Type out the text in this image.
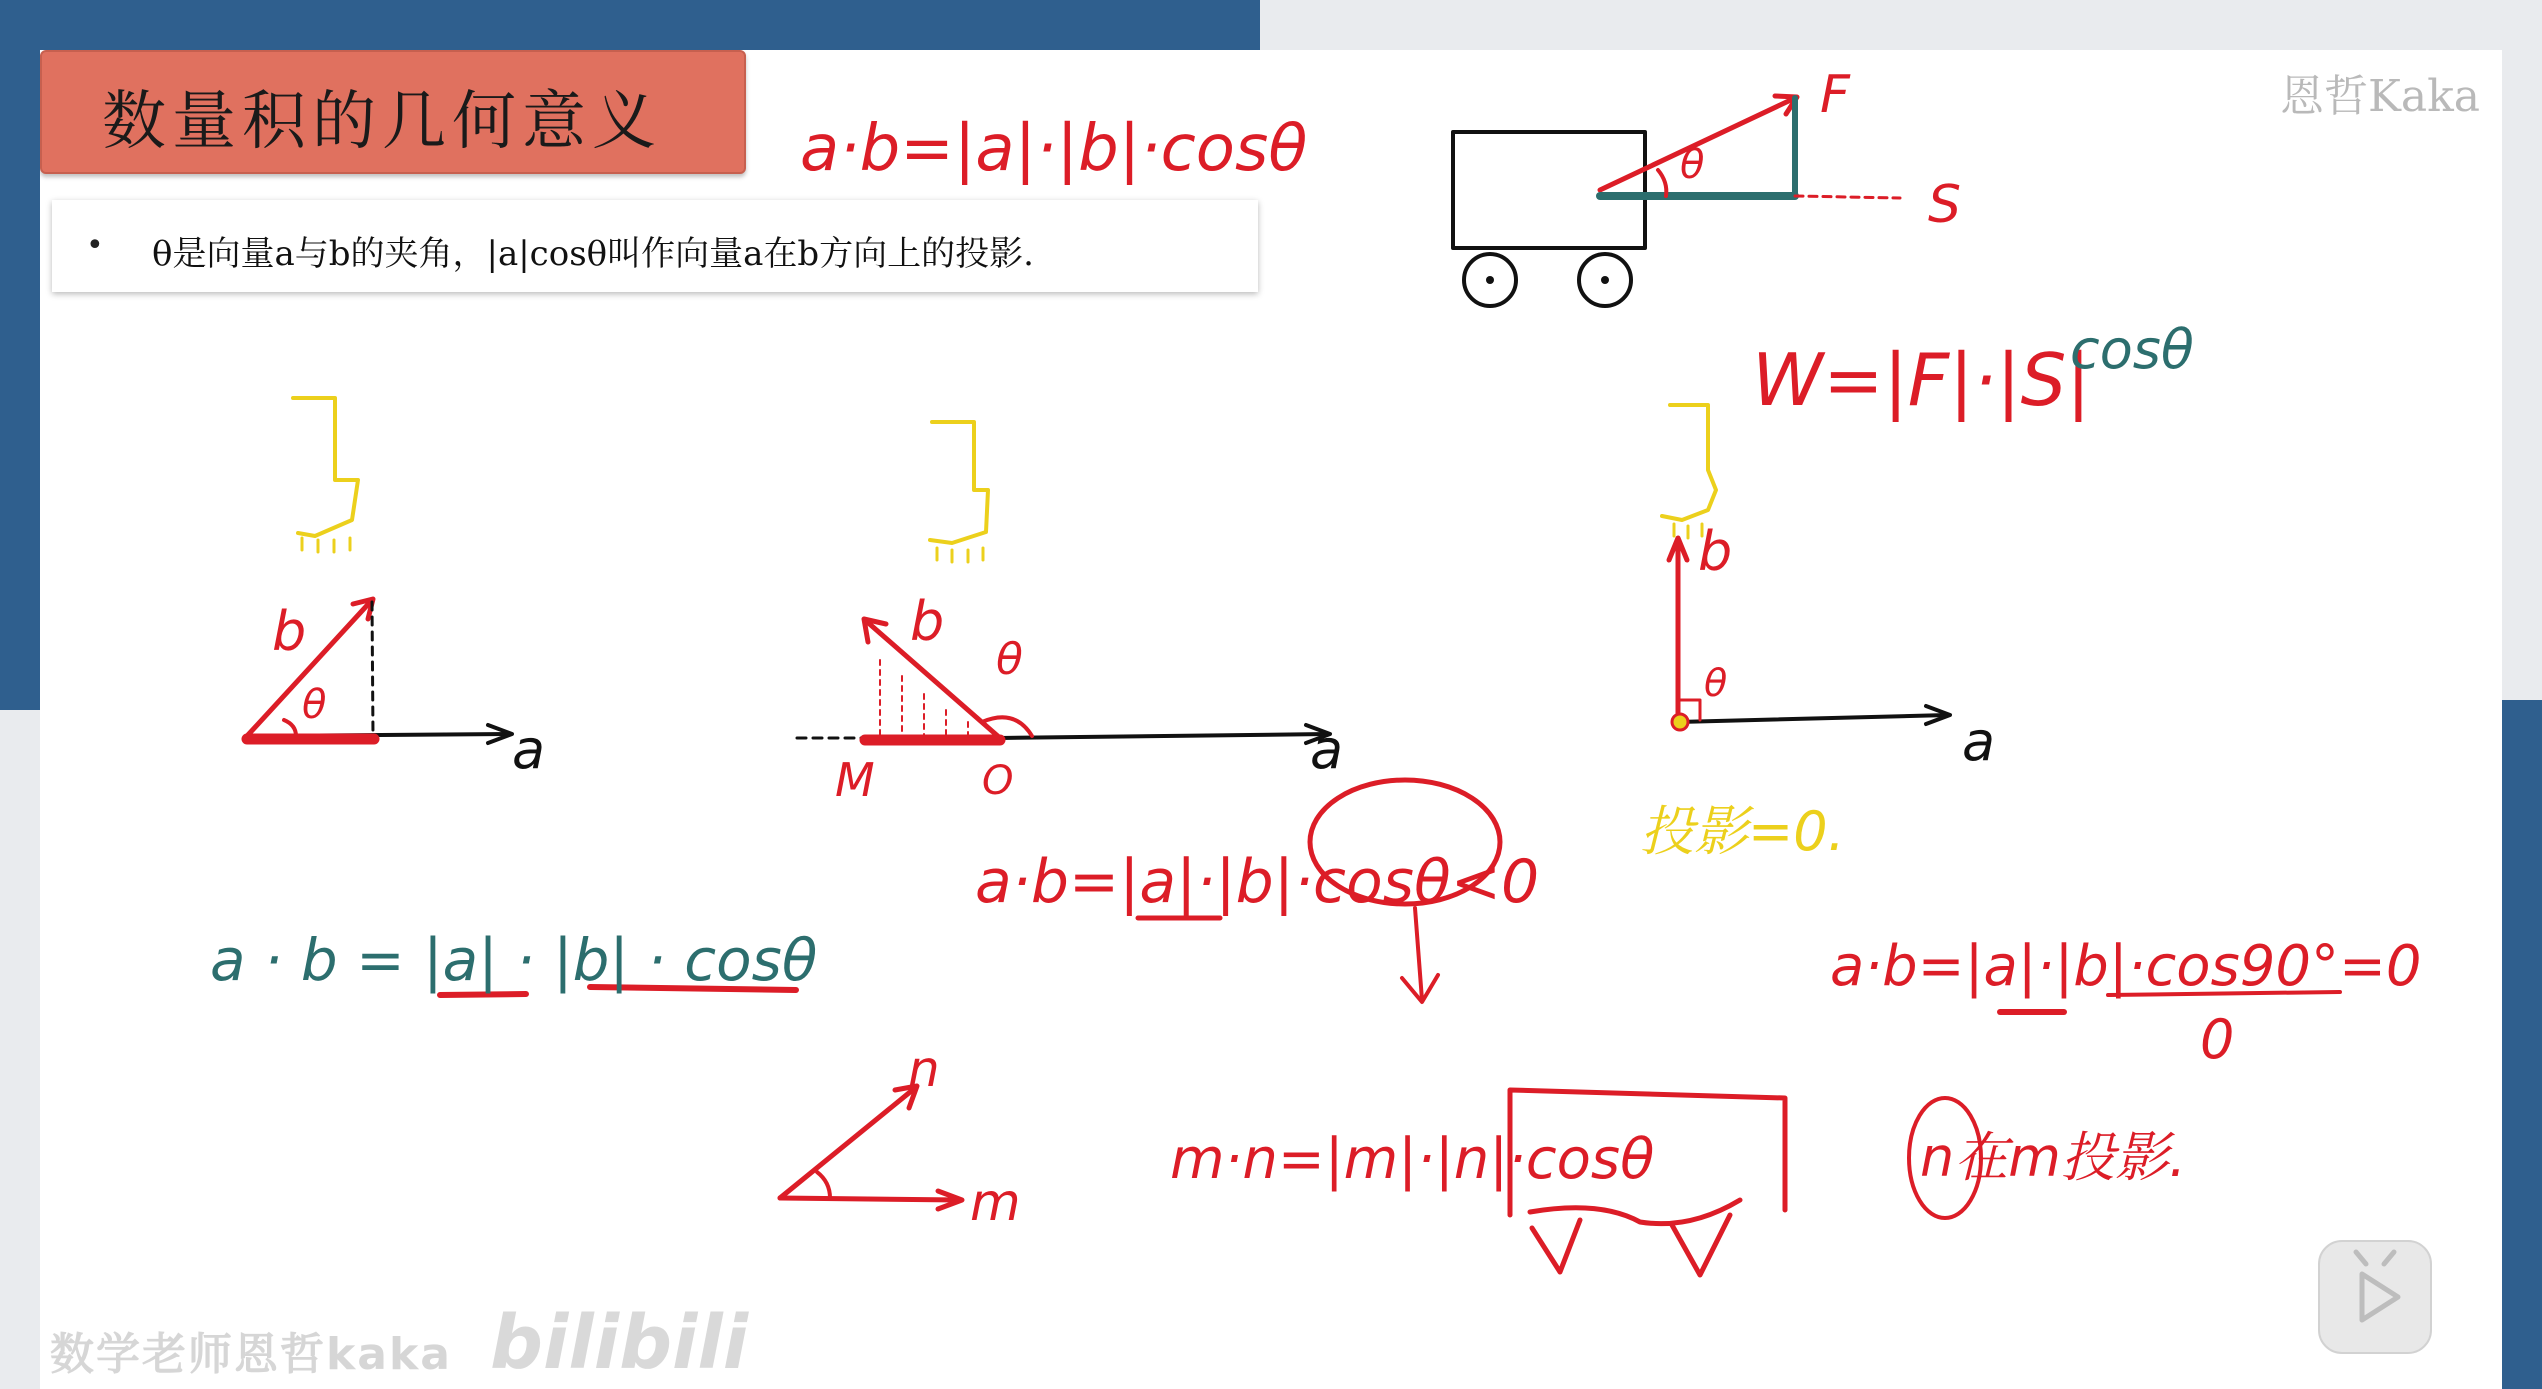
数量积的几何意义	恩哲Kaka
• θ是向量a与b的夹角，|a|cosθ叫作向量a在b方向上的投影.
a·b=|a|·|b|·cosθ
F
S
θ
W=|F|·|S|
cosθ
a
b
θ
a
b
M	O
θ
a
b
θ
a · b = |a| · |b| · cosθ
a·b=|a|·|b|·cosθ<0
投影=0.
a·b=|a|·|b|·cos90°=0
0
n
m
m·n=|m|·|n|·cosθ	n在m投影.
数学老师恩哲kaka bilibili
